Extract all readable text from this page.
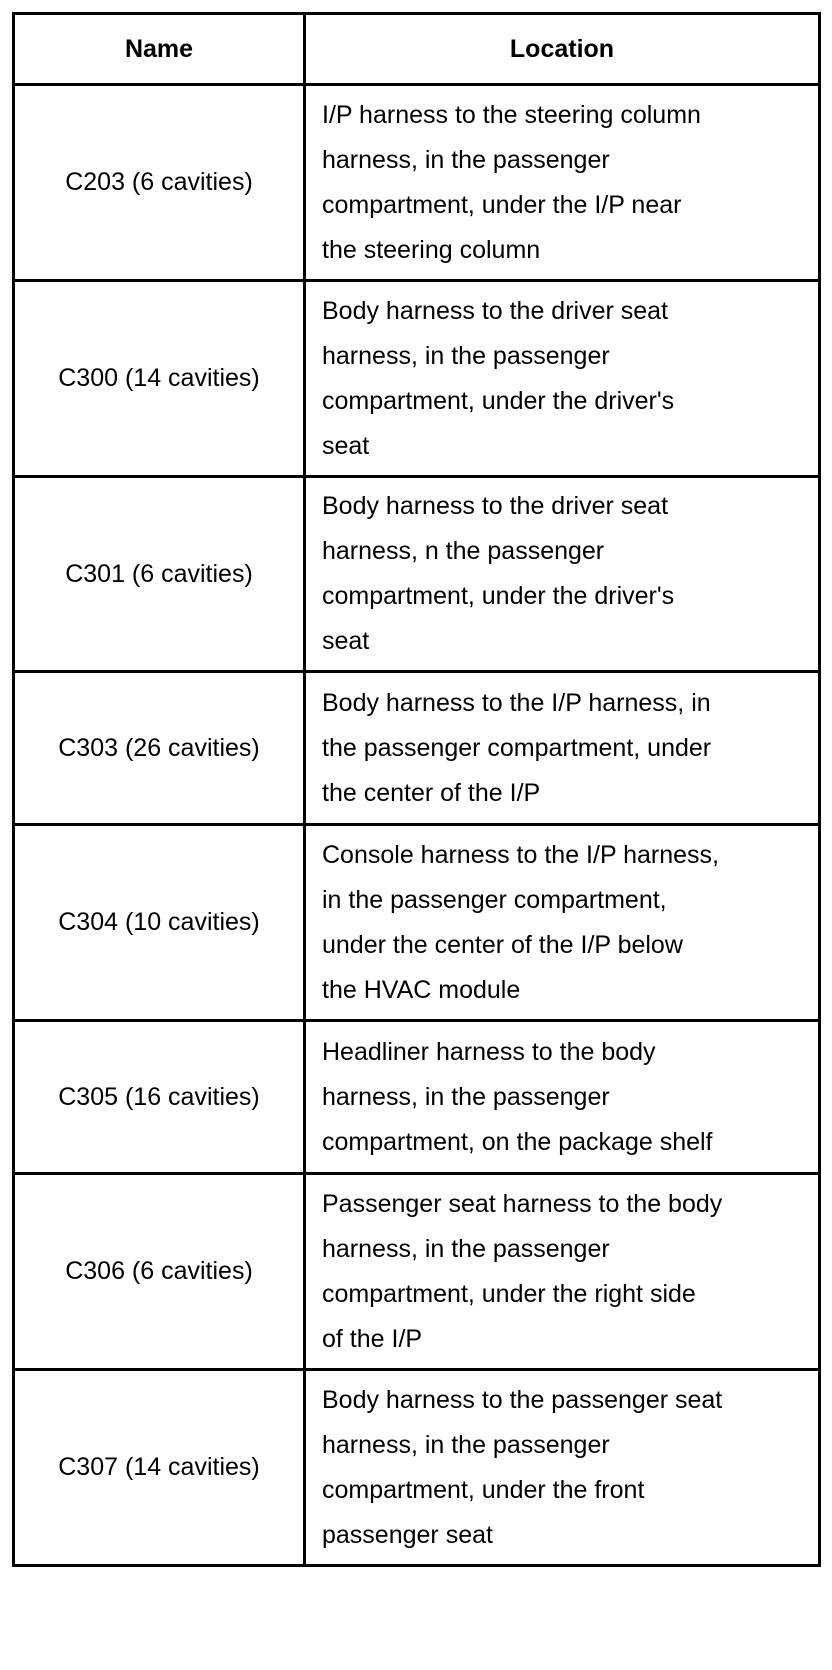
Name	Location
C203 (6 cavities)	I/P harness to the steering column
harness, in the passenger
compartment, under the I/P near
the steering column

C300 (14 cavities)	Body harness to the driver seat
harness, in the passenger
compartment, under the driver's
seat

C301 (6 cavities)	Body harness to the driver seat
harness, n the passenger
compartment, under the driver's
seat

C303 (26 cavities)	Body harness to the I/P harness, in
the passenger compartment, under
the center of the I/P

C304 (10 cavities)	Console harness to the I/P harness,
in the passenger compartment,
under the center of the I/P below
the HVAC module

C305 (16 cavities)	Headliner harness to the body
harness, in the passenger
compartment, on the package shelf

C306 (6 cavities)	Passenger seat harness to the body
harness, in the passenger
compartment, under the right side
of the I/P

C307 (14 cavities)	Body harness to the passenger seat
harness, in the passenger
compartment, under the front
passenger seat
